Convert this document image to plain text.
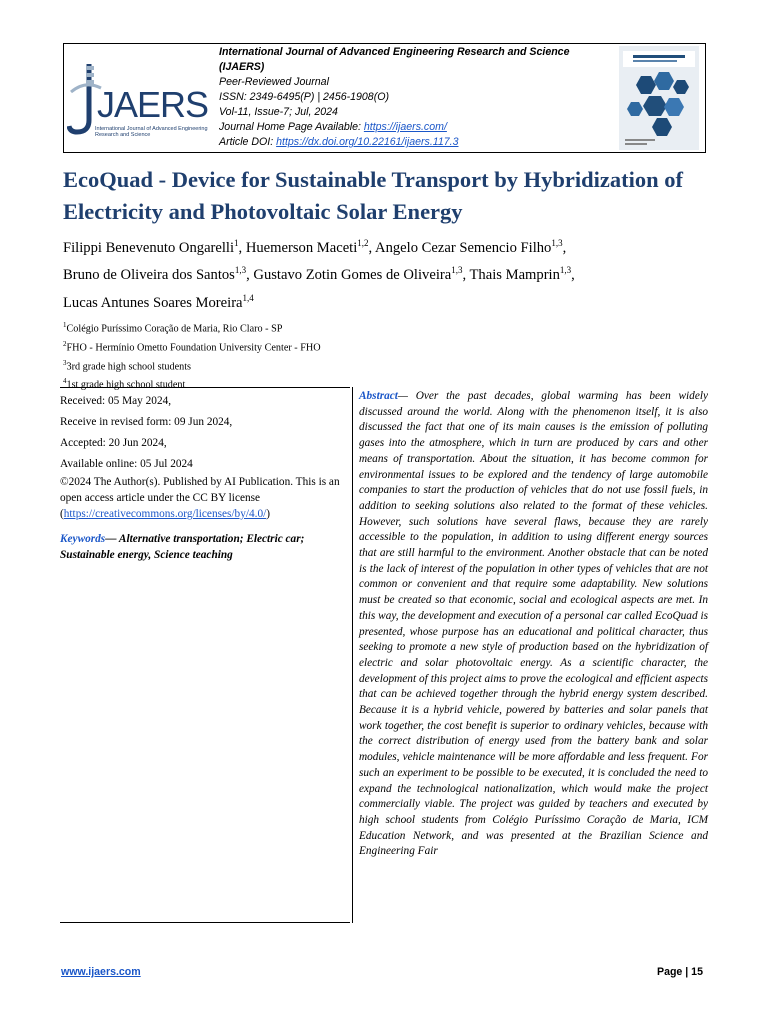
JAERS
International Journal of Advanced Engineering Research and Science
International Journal of Advanced Engineering Research and Science
(IJAERS)
Peer-Reviewed Journal
ISSN: 2349-6495(P) | 2456-1908(O)
Vol-11, Issue-7; Jul, 2024
Journal Home Page Available: https://ijaers.com/
Article DOI: https://dx.doi.org/10.22161/ijaers.117.3
EcoQuad - Device for Sustainable Transport by Hybridization of Electricity and Photovoltaic Solar Energy

Filippi Benevenuto Ongarelli$^1$, Huemerson Maceti$^{1,2}$, Angelo Cezar Semencio Filho$^{1,3}$,
Bruno de Oliveira dos Santos$^{1,3}$, Gustavo Zotin Gomes de Oliveira$^{1,3}$, Thais Mamprin$^{1,3}$,
Lucas Antunes Soares Moreira$^{1,4}$

$^1$Colégio Puríssimo Coração de Maria, Rio Claro - SP
$^2$FHO - Hermínio Ometto Foundation University Center - FHO
$^3$3rd grade high school students
$^4$1st grade high school student
Received: 05 May 2024,
Receive in revised form: 09 Jun 2024,
Accepted: 20 Jun 2024,
Available online: 05 Jul 2024
©2024 The Author(s). Published by AI Publication. This is an open access article under the CC BY license (https://creativecommons.org/licenses/by/4.0/)
Keywords— Alternative transportation; Electric car; Sustainable energy, Science teaching

Abstract— Over the past decades, global warming has been widely discussed around the world. Along with the phenomenon itself, it is also discussed the fact that one of its main causes is the emission of polluting gases into the atmosphere, which in turn are produced by cars and other means of transportation. About the situation, it has become common for environmental issues to be explored and the tendency of large automobile companies to start the production of vehicles that do not use fossil fuels, in addition to seeking solutions also related to the format of these vehicles. However, such solutions have several flaws, because they are rarely accessible to the population, in addition to using different energy sources that are still harmful to the environment. Another obstacle that can be noted is the lack of interest of the population in other types of vehicles that are not common or convenient and that require some adaptability. New solutions must be created so that economic, social and ecological aspects are met. In this way, the development and execution of a personal car called EcoQuad is presented, whose purpose has an educational and political character, thus seeking to promote a new style of production based on the hybridization of electric and solar photovoltaic energy. As a scientific character, the development of this project aims to prove the ecological and efficient aspects that can be achieved together through the hybrid energy system described. Because it is a hybrid vehicle, powered by batteries and solar panels that work together, the cost benefit is superior to ordinary vehicles, because with the correct distribution of energy used from the battery bank and solar modules, vehicle maintenance will be more affordable and less frequent. For such an experiment to be possible to be executed, it is concluded the need to expand the technological nationalization, which would make the project commercially viable. The project was guided by teachers and executed by high school students from Colégio Puríssimo Coração de Maria, ICM Education Network, and was presented at the Brazilian Science and Engineering Fair

www.ijaers.com	Page | 15
